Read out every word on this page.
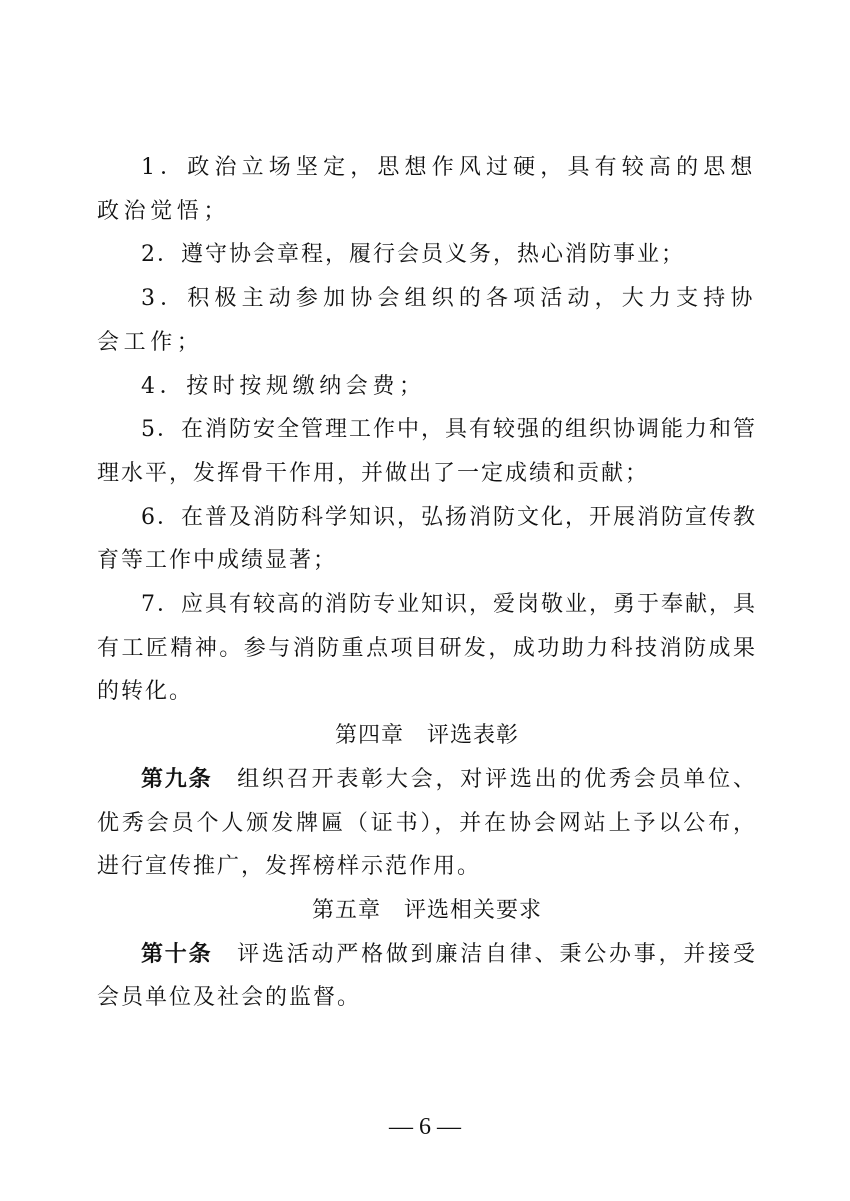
1．政治立场坚定，思想作风过硬，具有较高的思想政治觉悟；

2．遵守协会章程，履行会员义务，热心消防事业；

3．积极主动参加协会组织的各项活动，大力支持协会工作；

4．按时按规缴纳会费；

5．在消防安全管理工作中，具有较强的组织协调能力和管理水平，发挥骨干作用，并做出了一定成绩和贡献；

6．在普及消防科学知识，弘扬消防文化，开展消防宣传教育等工作中成绩显著；

7．应具有较高的消防专业知识，爱岗敬业，勇于奉献，具有工匠精神。参与消防重点项目研发，成功助力科技消防成果的转化。

第四章　评选表彰

第九条　组织召开表彰大会，对评选出的优秀会员单位、优秀会员个人颁发牌匾（证书），并在协会网站上予以公布，进行宣传推广，发挥榜样示范作用。

第五章　评选相关要求

第十条　评选活动严格做到廉洁自律、秉公办事，并接受会员单位及社会的监督。

— 6 —
